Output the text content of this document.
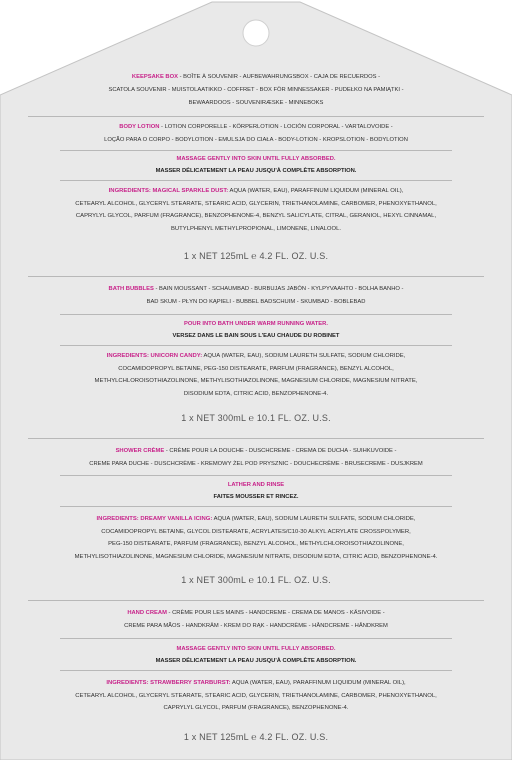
KEEPSAKE BOX - BOÎTE À SOUVENIR - AUFBEWAHRUNGSBOX - CAJA DE RECUERDOS -
SCATOLA SOUVENIR - MUISTOLAATIKKO - COFFRET - BOX FÖR MINNESSAKER - PUDEŁKO NA PAMIĄTKI -
BEWAARDOOS - SOUVENIRÆSKE - MINNEBOKS
BODY LOTION - LOTION CORPORELLE - KÖRPERLOTION - LOCIÓN CORPORAL - VARTALOVOIDE -
LOÇÃO PARA O CORPO - BODYLOTION - EMULSJA DO CIAŁA - BODY-LOTION - KROPSLOTION - BODYLOTION
MASSAGE GENTLY INTO SKIN UNTIL FULLY ABSORBED.
MASSER DÉLICATEMENT LA PEAU JUSQU'À COMPLÈTE ABSORPTION.
INGREDIENTS: MAGICAL SPARKLE DUST: AQUA (WATER, EAU), PARAFFINUM LIQUIDUM (MINERAL OIL),
CETEARYL ALCOHOL, GLYCERYL STEARATE, STEARIC ACID, GLYCERIN, TRIETHANOLAMINE, CARBOMER, PHENOXYETHANOL,
CAPRYLYL GLYCOL, PARFUM (FRAGRANCE), BENZOPHENONE-4, BENZYL SALICYLATE, CITRAL, GERANIOL, HEXYL CINNAMAL,
BUTYLPHENYL METHYLPROPIONAL, LIMONENE, LINALOOL.
1 x NET 125mL ℮ 4.2 FL. OZ. U.S.
BATH BUBBLES - BAIN MOUSSANT - SCHAUMBAD - BURBUJAS JABÓN - KYLPYVAAHTO - BOLHA BANHO -
BAD SKUM - PŁYN DO KĄPIELI - BUBBEL BADSCHUIM - SKUMBAD - BOBLEBAD
POUR INTO BATH UNDER WARM RUNNING WATER.
VERSEZ DANS LE BAIN SOUS L'EAU CHAUDE DU ROBINET
INGREDIENTS: UNICORN CANDY: AQUA (WATER, EAU), SODIUM LAURETH SULFATE, SODIUM CHLORIDE,
COCAMIDOPROPYL BETAINE, PEG-150 DISTEARATE, PARFUM (FRAGRANCE), BENZYL ALCOHOL,
METHYLCHLOROISOTHIAZOLINONE, METHYLISOTHIAZOLINONE, MAGNESIUM CHLORIDE, MAGNESIUM NITRATE,
DISODIUM EDTA, CITRIC ACID, BENZOPHENONE-4.
1 x NET 300mL ℮ 10.1 FL. OZ. U.S.
SHOWER CRÈME - CRÈME POUR LA DOUCHE - DUSCHCREME - CREMA DE DUCHA - SUIHKUVOIDE -
CREME PARA DUCHE - DUSCHCRÈME - KREMOWY ŻEL POD PRYSZNIC - DOUCHECRÈME - BRUSECREME - DUSJKREM
LATHER AND RINSE
FAITES MOUSSER ET RINCEZ.
INGREDIENTS: DREAMY VANILLA ICING: AQUA (WATER, EAU), SODIUM LAURETH SULFATE, SODIUM CHLORIDE,
COCAMIDOPROPYL BETAINE, GLYCOL DISTEARATE, ACRYLATES/C10-30 ALKYL ACRYLATE CROSSPOLYMER,
PEG-150 DISTEARATE, PARFUM (FRAGRANCE), BENZYL ALCOHOL, METHYLCHLOROISOTHIAZOLINONE,
METHYLISOTHIAZOLINONE, MAGNESIUM CHLORIDE, MAGNESIUM NITRATE, DISODIUM EDTA, CITRIC ACID, BENZOPHENONE-4.
1 x NET 300mL ℮ 10.1 FL. OZ. U.S.
HAND CREAM - CRÈME POUR LES MAINS - HANDCREME - CREMA DE MANOS - KÄSIVOIDE -
CREME PARA MÃOS - HANDKRÄM - KREM DO RĄK - HANDCRÈME - HÅNDCREME - HÅNDKREM
MASSAGE GENTLY INTO SKIN UNTIL FULLY ABSORBED.
MASSER DÉLICATEMENT LA PEAU JUSQU'À COMPLÈTE ABSORPTION.
INGREDIENTS: STRAWBERRY STARBURST: AQUA (WATER, EAU), PARAFFINUM LIQUIDUM (MINERAL OIL),
CETEARYL ALCOHOL, GLYCERYL STEARATE, STEARIC ACID, GLYCERIN, TRIETHANOLAMINE, CARBOMER, PHENOXYETHANOL,
CAPRYLYL GLYCOL, PARFUM (FRAGRANCE), BENZOPHENONE-4.
1 x NET 125mL ℮ 4.2 FL. OZ. U.S.
